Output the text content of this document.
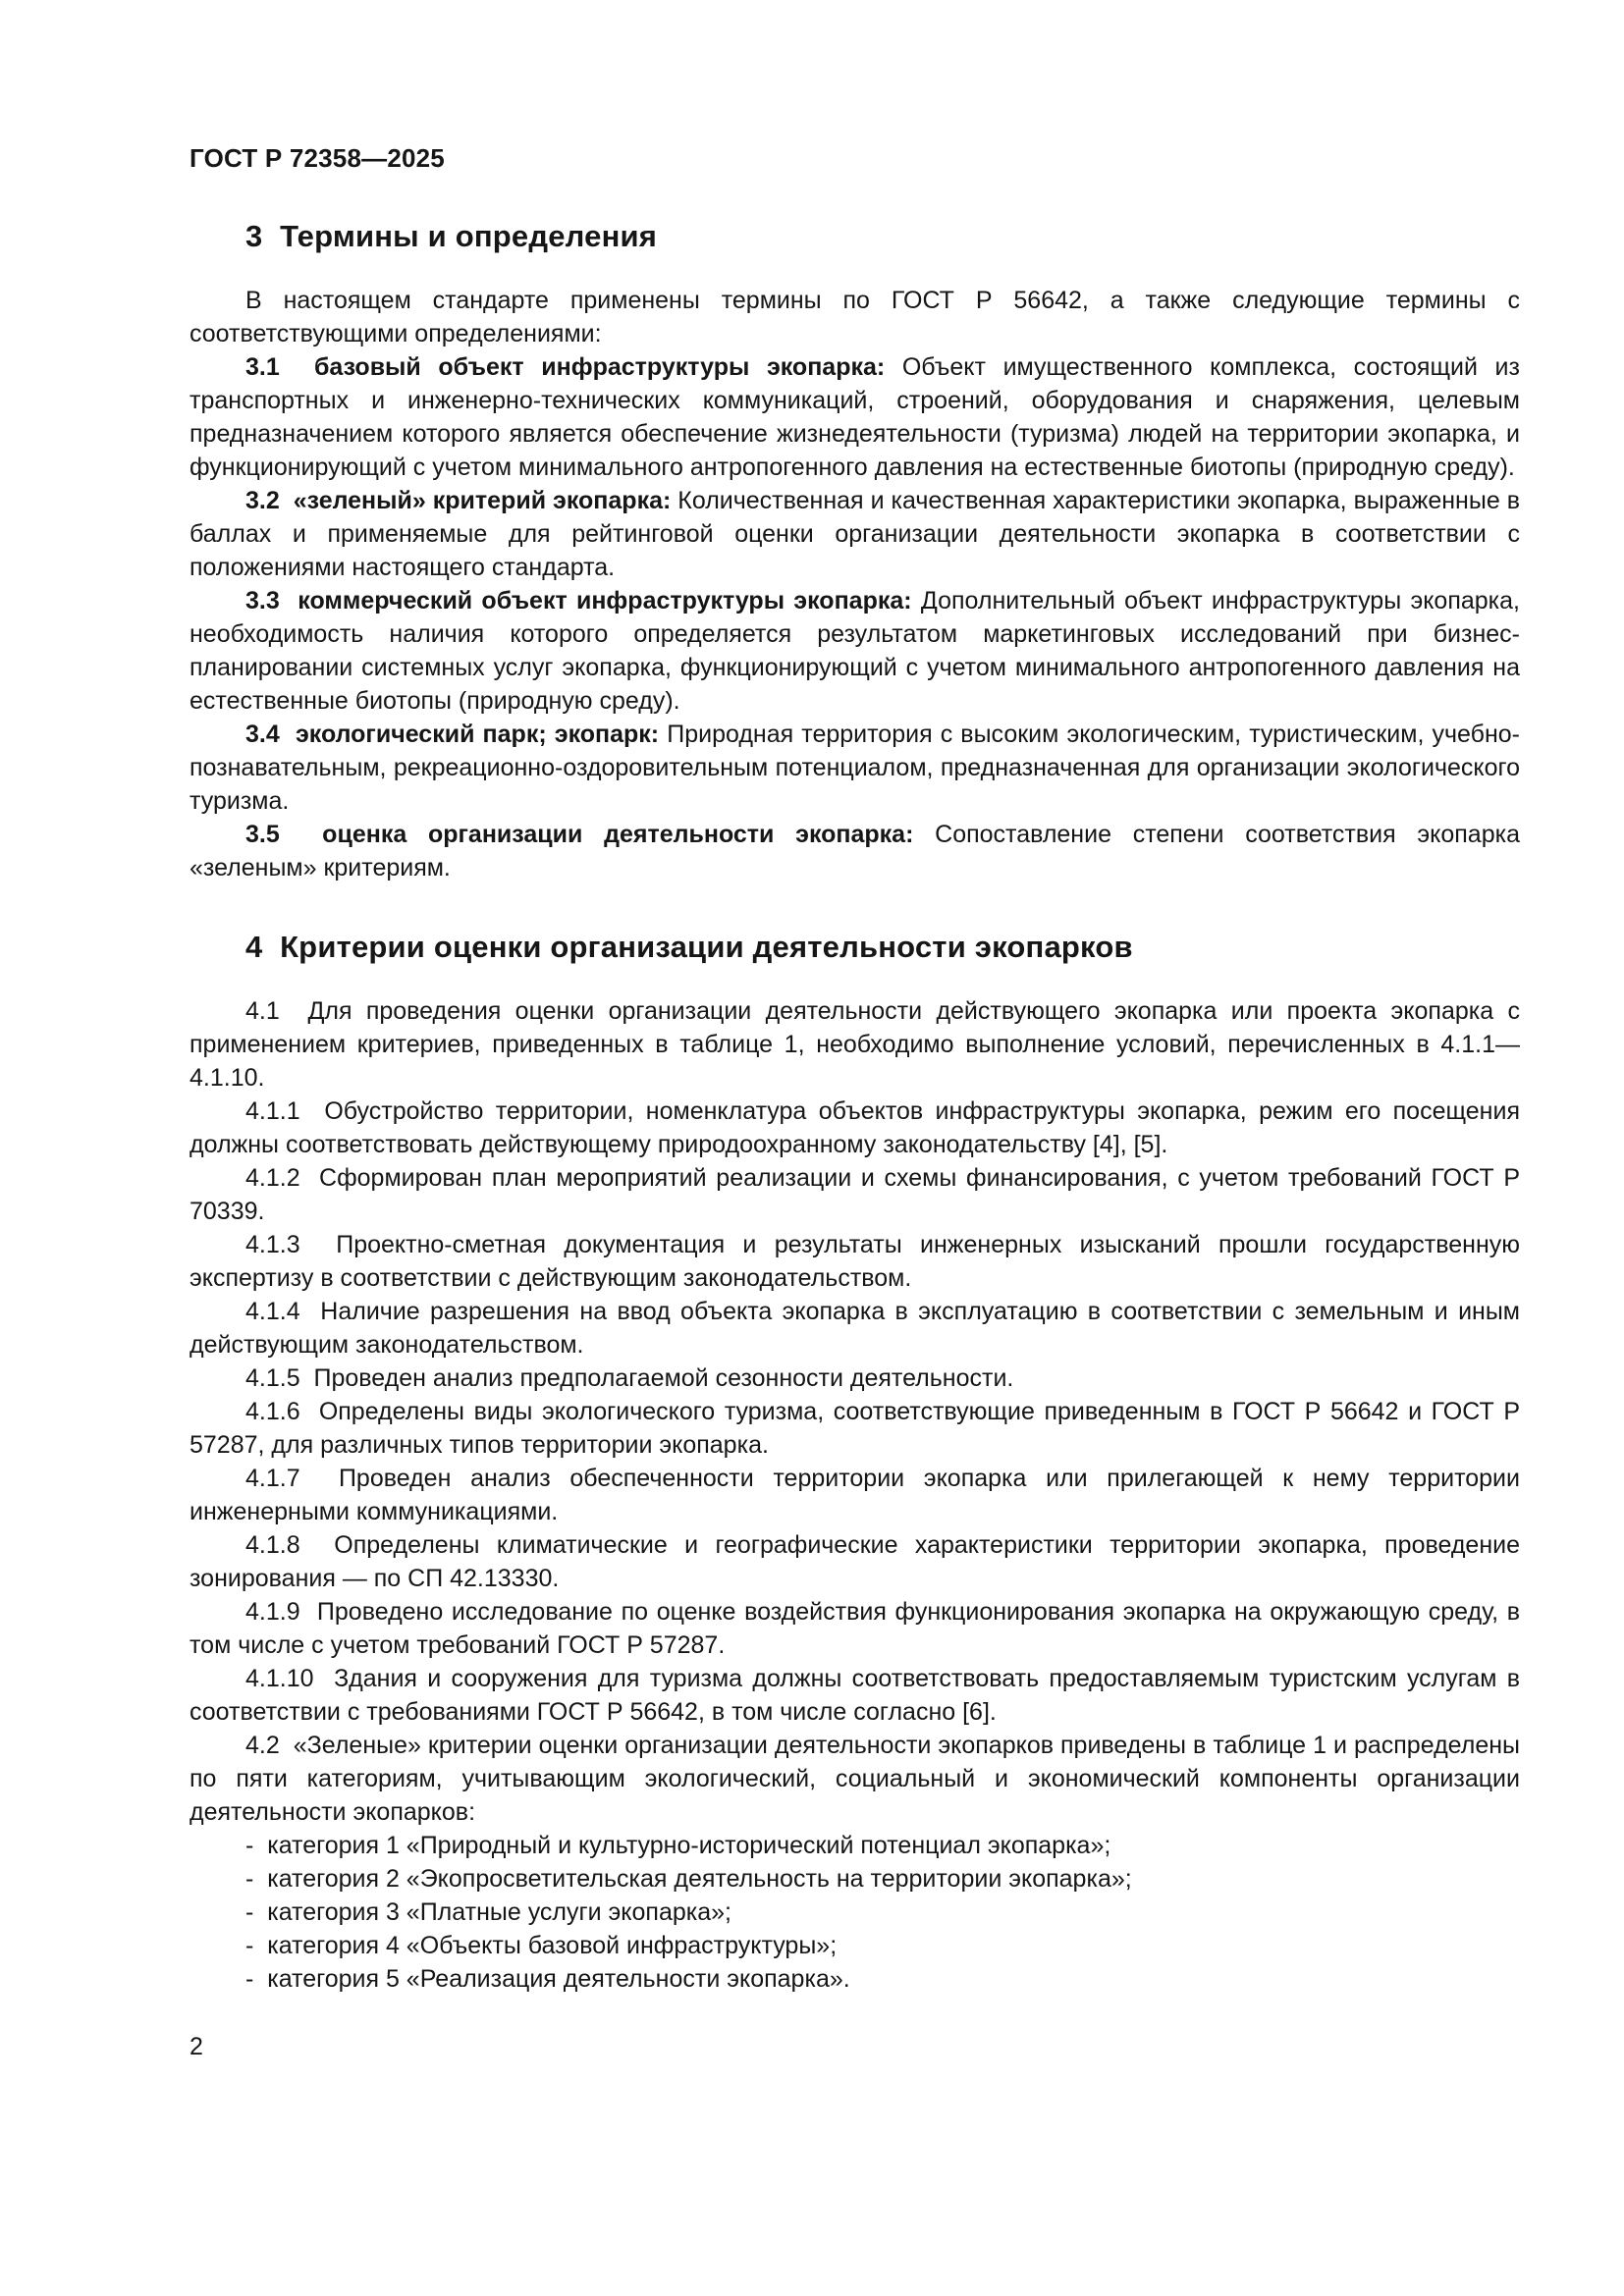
ГОСТ Р 72358—2025
3  Термины и определения

В настоящем стандарте применены термины по ГОСТ Р 56642, а также следующие термины с соответствующими определениями:

3.1  базовый объект инфраструктуры экопарка: Объект имущественного комплекса, состоящий из транспортных и инженерно-технических коммуникаций, строений, оборудования и снаряжения, целевым предназначением которого является обеспечение жизнедеятельности (туризма) людей на территории экопарка, и функционирующий с учетом минимального антропогенного давления на естественные биотопы (природную среду).

3.2  «зеленый» критерий экопарка: Количественная и качественная характеристики экопарка, выраженные в баллах и применяемые для рейтинговой оценки организации деятельности экопарка в соответствии с положениями настоящего стандарта.

3.3  коммерческий объект инфраструктуры экопарка: Дополнительный объект инфраструктуры экопарка, необходимость наличия которого определяется результатом маркетинговых исследований при бизнес-планировании системных услуг экопарка, функционирующий с учетом минимального антропогенного давления на естественные биотопы (природную среду).

3.4  экологический парк; экопарк: Природная территория с высоким экологическим, туристическим, учебно-познавательным, рекреационно-оздоровительным потенциалом, предназначенная для организации экологического туризма.

3.5  оценка организации деятельности экопарка: Сопоставление степени соответствия экопарка «зеленым» критериям.

4  Критерии оценки организации деятельности экопарков

4.1  Для проведения оценки организации деятельности действующего экопарка или проекта экопарка с применением критериев, приведенных в таблице 1, необходимо выполнение условий, перечисленных в 4.1.1—4.1.10.

4.1.1  Обустройство территории, номенклатура объектов инфраструктуры экопарка, режим его посещения должны соответствовать действующему природоохранному законодательству [4], [5].

4.1.2  Сформирован план мероприятий реализации и схемы финансирования, с учетом требований ГОСТ Р 70339.

4.1.3  Проектно-сметная документация и результаты инженерных изысканий прошли государственную экспертизу в соответствии с действующим законодательством.

4.1.4  Наличие разрешения на ввод объекта экопарка в эксплуатацию в соответствии с земельным и иным действующим законодательством.

4.1.5  Проведен анализ предполагаемой сезонности деятельности.

4.1.6  Определены виды экологического туризма, соответствующие приведенным в ГОСТ Р 56642 и ГОСТ Р 57287, для различных типов территории экопарка.

4.1.7  Проведен анализ обеспеченности территории экопарка или прилегающей к нему территории инженерными коммуникациями.

4.1.8  Определены климатические и географические характеристики территории экопарка, проведение зонирования — по СП 42.13330.

4.1.9  Проведено исследование по оценке воздействия функционирования экопарка на окружающую среду, в том числе с учетом требований ГОСТ Р 57287.

4.1.10  Здания и сооружения для туризма должны соответствовать предоставляемым туристским услугам в соответствии с требованиями ГОСТ Р 56642, в том числе согласно [6].

4.2  «Зеленые» критерии оценки организации деятельности экопарков приведены в таблице 1 и распределены по пяти категориям, учитывающим экологический, социальный и экономический компоненты организации деятельности экопарков:

-  категория 1 «Природный и культурно-исторический потенциал экопарка»;

-  категория 2 «Экопросветительская деятельность на территории экопарка»;

-  категория 3 «Платные услуги экопарка»;

-  категория 4 «Объекты базовой инфраструктуры»;

-  категория 5 «Реализация деятельности экопарка».

2
